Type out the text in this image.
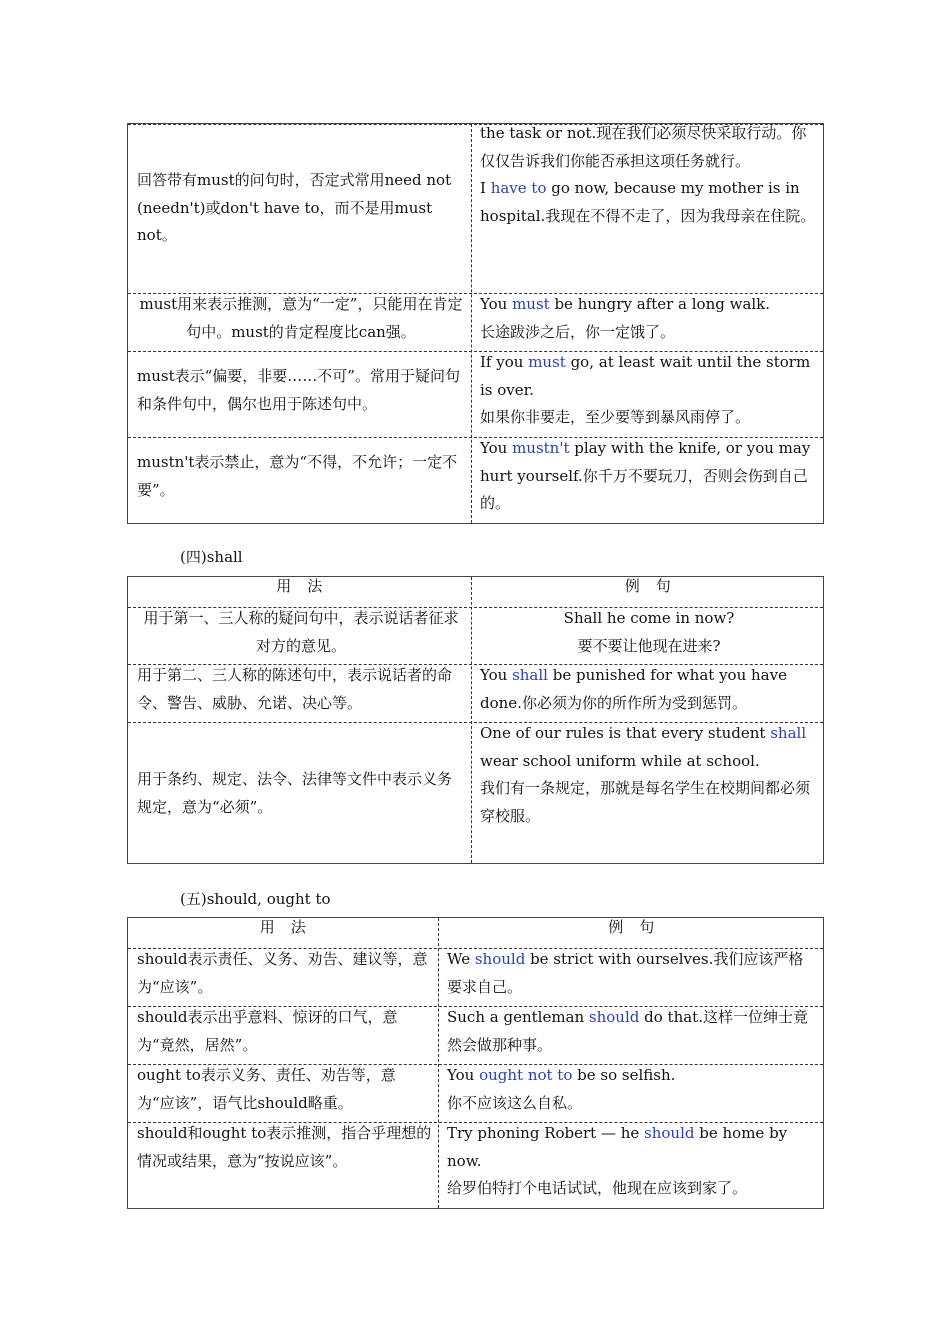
回答带有must的问句时，否定式常用need not (needn't)或don't have to，而不是用must not。
the task or not.现在我们必须尽快采取行动。你仅仅告诉我们你能否承担这项任务就行。
I have to go now, because my mother is in hospital.我现在不得不走了，因为我母亲在住院。
must用来表示推测，意为“一定”，只能用在肯定句中。must的肯定程度比can强。
You must be hungry after a long walk.
长途跋涉之后，你一定饿了。
must表示“偏要，非要……不可”。常用于疑问句和条件句中，偶尔也用于陈述句中。
If you must go, at least wait until the storm is over.
如果你非要走，至少要等到暴风雨停了。
mustn't表示禁止，意为“不得，不允许；一定不要”。
You mustn't play with the knife, or you may hurt yourself.你千万不要玩刀，否则会伤到自己的。
(四)shall
用　法	例　句
用于第一、三人称的疑问句中，表示说话者征求对方的意见。
Shall he come in now?
要不要让他现在进来?
用于第二、三人称的陈述句中，表示说话者的命令、警告、威胁、允诺、决心等。
You shall be punished for what you have done.你必须为你的所作所为受到惩罚。
用于条约、规定、法令、法律等文件中表示义务规定，意为“必须”。
One of our rules is that every student shall wear school uniform while at school.
我们有一条规定，那就是每名学生在校期间都必须穿校服。
(五)should, ought to
用　法	例　句
should表示责任、义务、劝告、建议等，意为“应该”。
We should be strict with ourselves.我们应该严格要求自己。
should表示出乎意料、惊讶的口气，意为“竟然，居然”。
Such a gentleman should do that.这样一位绅士竟然会做那种事。
ought to表示义务、责任、劝告等，意为“应该”，语气比should略重。
You ought not to be so selfish.
你不应该这么自私。
should和ought to表示推测，指合乎理想的情况或结果，意为“按说应该”。
Try phoning Robert — he should be home by now.
给罗伯特打个电话试试，他现在应该到家了。
